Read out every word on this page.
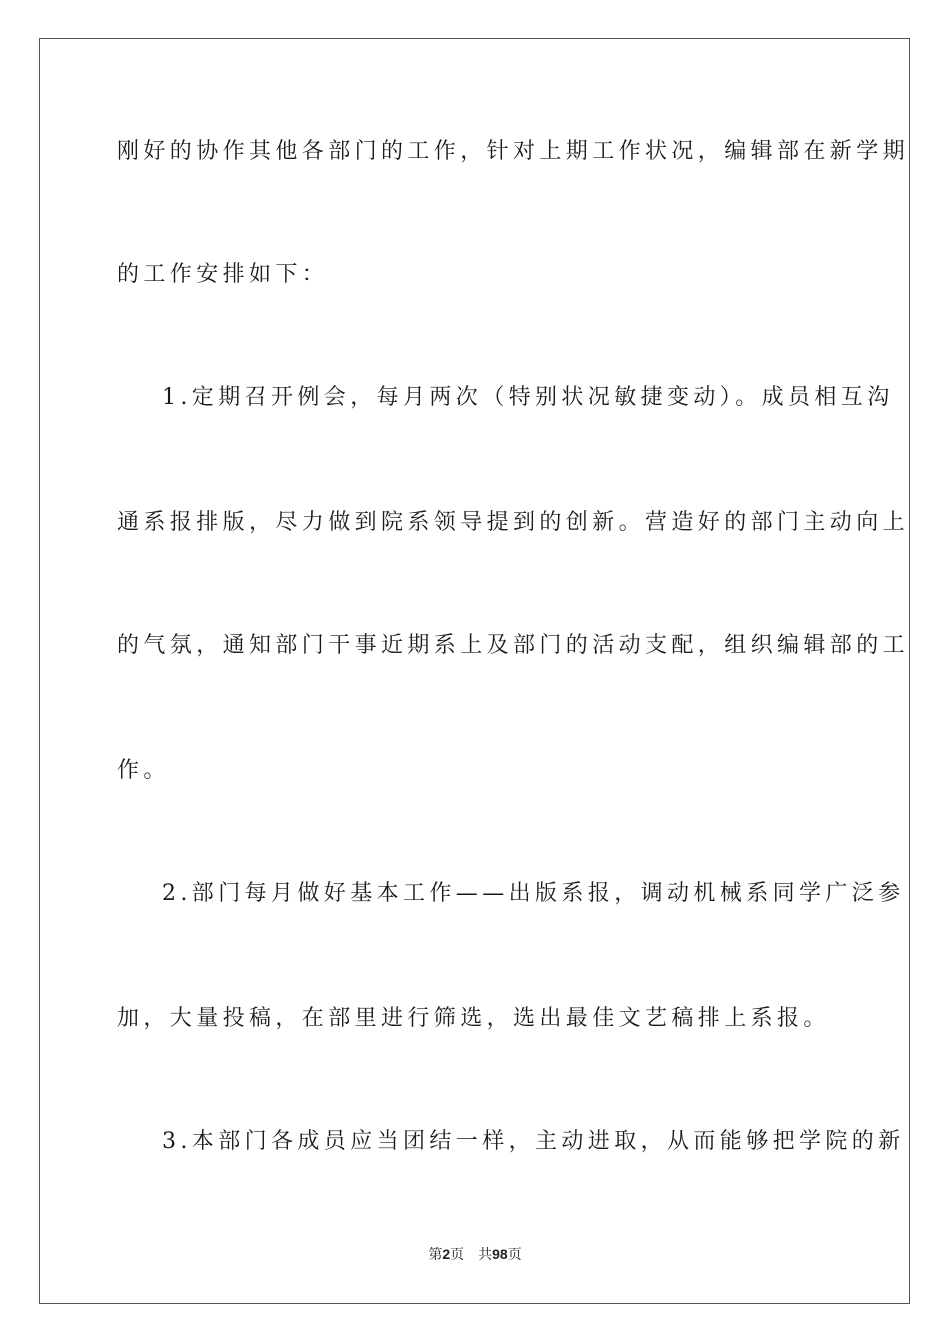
刚好的协作其他各部门的工作，针对上期工作状况，编辑部在新学期
的工作安排如下：
1.定期召开例会，每月两次（特别状况敏捷变动）。成员相互沟
通系报排版，尽力做到院系领导提到的创新。营造好的部门主动向上
的气氛，通知部门干事近期系上及部门的活动支配，组织编辑部的工
作。
2.部门每月做好基本工作——出版系报，调动机械系同学广泛参
加，大量投稿，在部里进行筛选，选出最佳文艺稿排上系报。
3.本部门各成员应当团结一样，主动进取，从而能够把学院的新
第2页 共98页
